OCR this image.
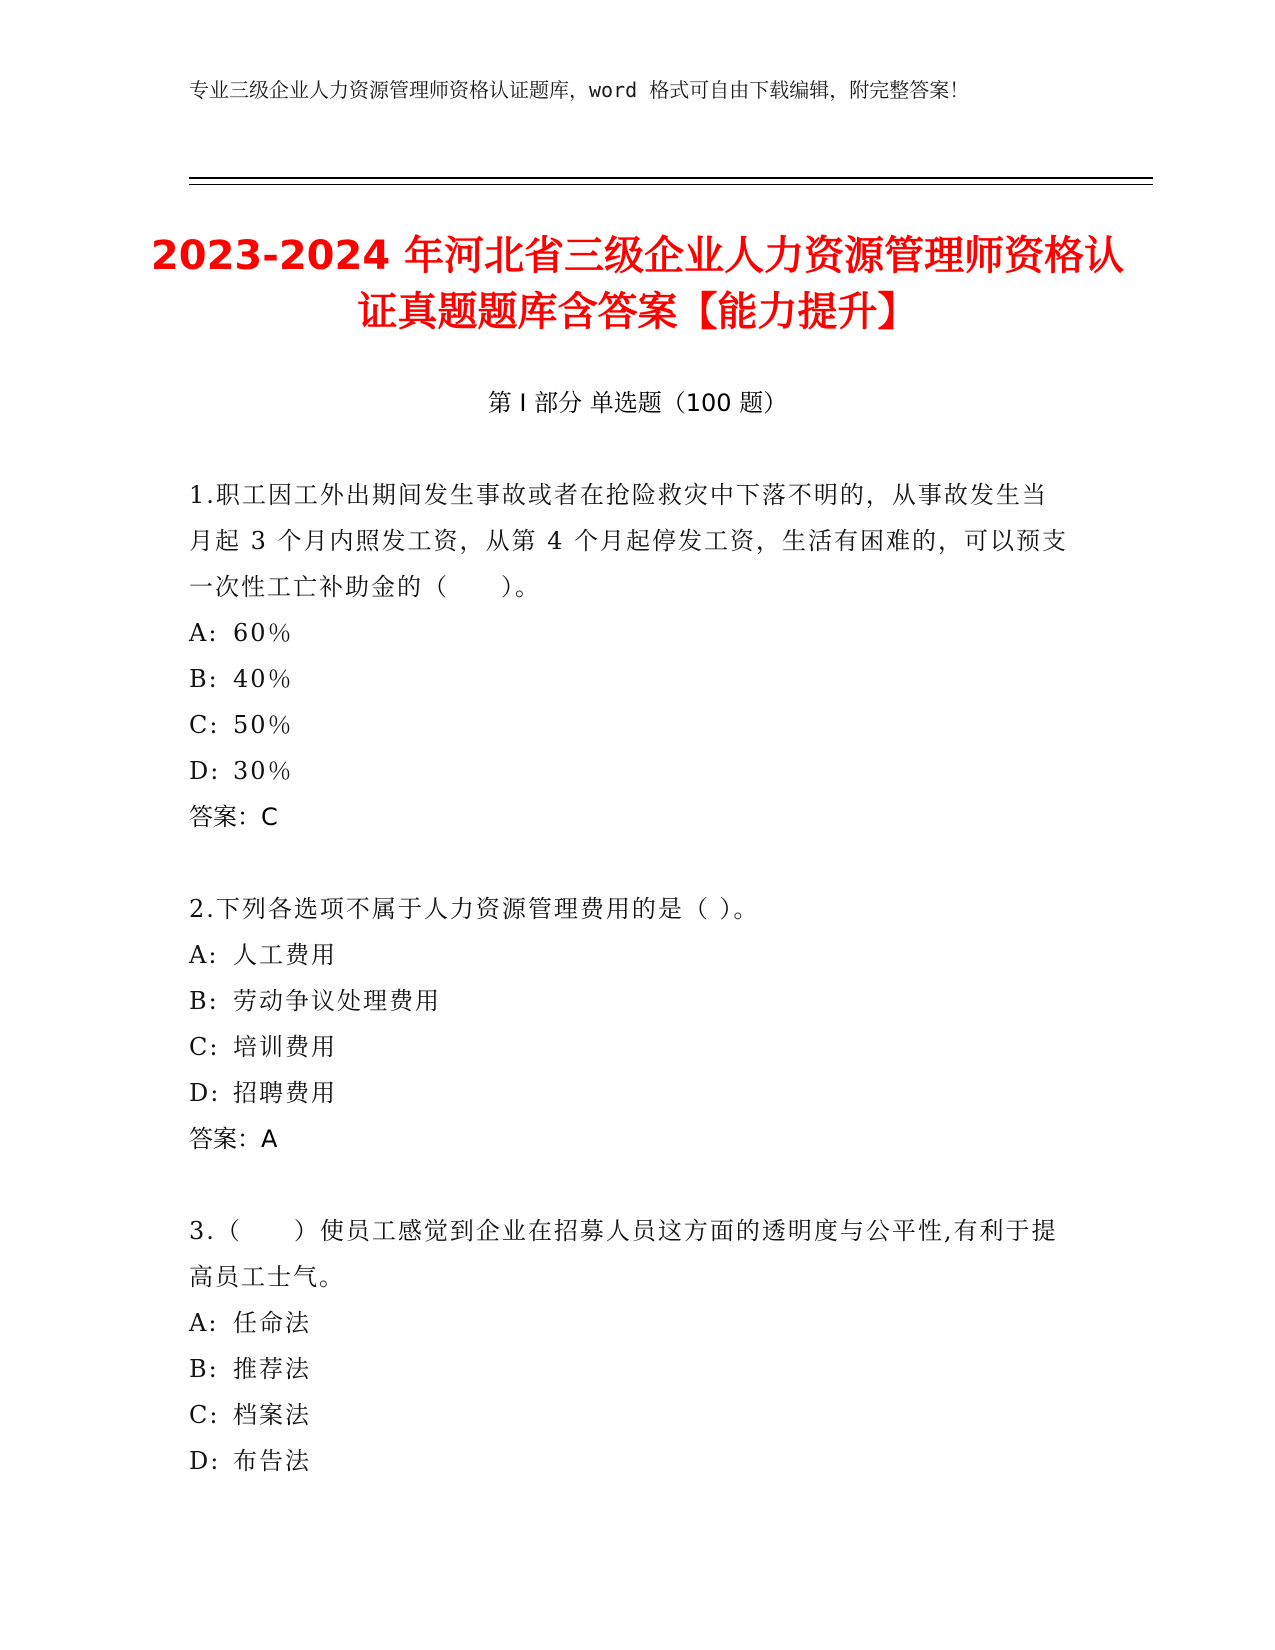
专业三级企业人力资源管理师资格认证题库，word 格式可自由下载编辑，附完整答案！
2023-2024 年河北省三级企业人力资源管理师资格认证真题题库含答案【能力提升】
第 I 部分 单选题（100 题）
1.职工因工外出期间发生事故或者在抢险救灾中下落不明的，从事故发生当月起 3 个月内照发工资，从第 4 个月起停发工资，生活有困难的，可以预支一次性工亡补助金的（　　）。
A: 60％
B: 40％
C: 50％
D: 30％
答案：C
2.下列各选项不属于人力资源管理费用的是（ ）。
A: 人工费用
B: 劳动争议处理费用
C: 培训费用
D: 招聘费用
答案：A
3.（　　）使员工感觉到企业在招募人员这方面的透明度与公平性,有利于提高员工士气。
A: 任命法
B: 推荐法
C: 档案法
D: 布告法
